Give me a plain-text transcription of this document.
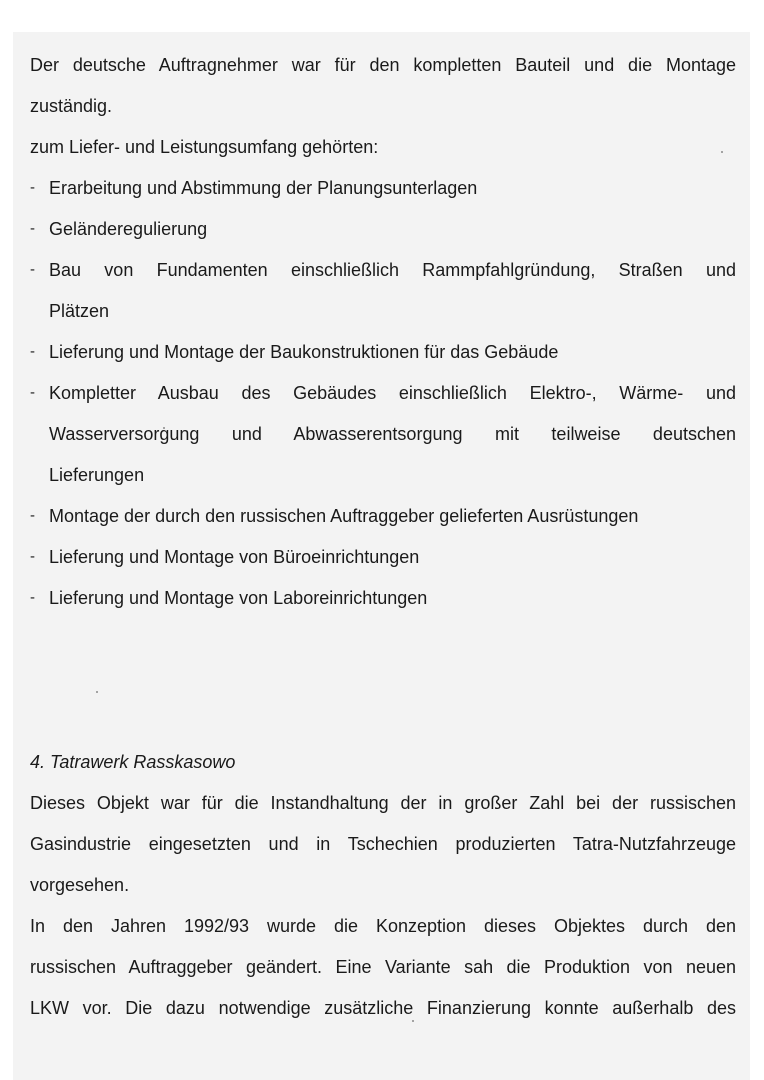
Der deutsche Auftragnehmer war für den kompletten Bauteil und die Montage
zuständig.
zum Liefer- und Leistungsumfang gehörten:
- Erarbeitung und Abstimmung der Planungsunterlagen
- Geländeregulierung
- Bau von Fundamenten einschließlich Rammpfahlgründung, Straßen und
Plätzen
- Lieferung und Montage der Baukonstruktionen für das Gebäude
- Kompletter Ausbau des Gebäudes einschließlich Elektro-, Wärme- und
Wasserversorgung und Abwasserentsorgung mit teilweise deutschen
Lieferungen
- Montage der durch den russischen Auftraggeber gelieferten Ausrüstungen
- Lieferung und Montage von Büroeinrichtungen
- Lieferung und Montage von Laboreinrichtungen
4. Tatrawerk Rasskasowo
Dieses Objekt war für die Instandhaltung der in großer Zahl bei der russischen
Gasindustrie eingesetzten und in Tschechien produzierten Tatra-Nutzfahrzeuge
vorgesehen.
In den Jahren 1992/93 wurde die Konzeption dieses Objektes durch den
russischen Auftraggeber geändert. Eine Variante sah die Produktion von neuen
LKW vor. Die dazu notwendige zusätzliche Finanzierung konnte außerhalb des
